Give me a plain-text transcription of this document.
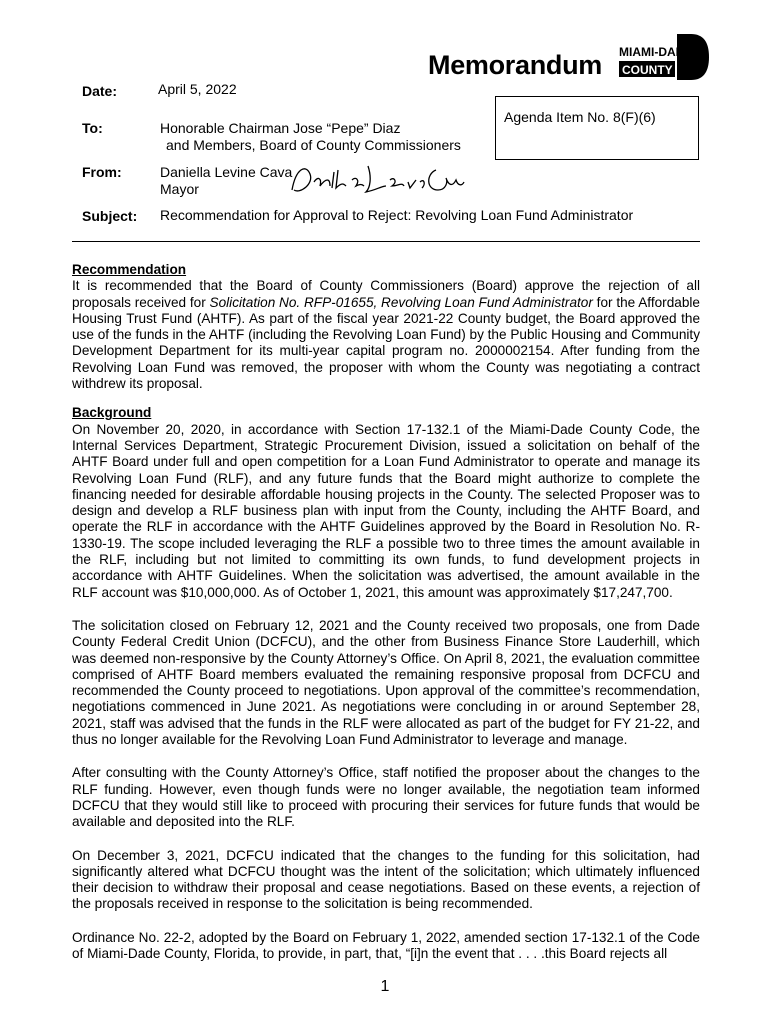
Memorandum MIAMI-DADE
COUNTY
Date:	April 5, 2022
To:	Honorable Chairman Jose “Pepe” Diaz
and Members, Board of County Commissioners
From:	Daniella Levine Cava
Mayor
Subject: Recommendation for Approval to Reject: Revolving Loan Fund Administrator
Agenda Item No. 8(F)(6)
Recommendation

It is recommended that the Board of County Commissioners (Board) approve the rejection of all proposals received for Solicitation No. RFP-01655, Revolving Loan Fund Administrator for the Affordable Housing Trust Fund (AHTF). As part of the fiscal year 2021-22 County budget, the Board approved the use of the funds in the AHTF (including the Revolving Loan Fund) by the Public Housing and Community Development Department for its multi-year capital program no. 2000002154. After funding from the Revolving Loan Fund was removed, the proposer with whom the County was negotiating a contract withdrew its proposal.

Background

On November 20, 2020, in accordance with Section 17-132.1 of the Miami-Dade County Code, the Internal Services Department, Strategic Procurement Division, issued a solicitation on behalf of the AHTF Board under full and open competition for a Loan Fund Administrator to operate and manage its Revolving Loan Fund (RLF), and any future funds that the Board might authorize to complete the financing needed for desirable affordable housing projects in the County. The selected Proposer was to design and develop a RLF business plan with input from the County, including the AHTF Board, and operate the RLF in accordance with the AHTF Guidelines approved by the Board in Resolution No. R-1330-19. The scope included leveraging the RLF a possible two to three times the amount available in the RLF, including but not limited to committing its own funds, to fund development projects in accordance with AHTF Guidelines. When the solicitation was advertised, the amount available in the RLF account was $10,000,000. As of October 1, 2021, this amount was approximately $17,247,700.

The solicitation closed on February 12, 2021 and the County received two proposals, one from Dade County Federal Credit Union (DCFCU), and the other from Business Finance Store Lauderhill, which was deemed non-responsive by the County Attorney’s Office. On April 8, 2021, the evaluation committee comprised of AHTF Board members evaluated the remaining responsive proposal from DCFCU and recommended the County proceed to negotiations. Upon approval of the committee’s recommendation, negotiations commenced in June 2021. As negotiations were concluding in or around September 28, 2021, staff was advised that the funds in the RLF were allocated as part of the budget for FY 21-22, and thus no longer available for the Revolving Loan Fund Administrator to leverage and manage.

After consulting with the County Attorney’s Office, staff notified the proposer about the changes to the RLF funding. However, even though funds were no longer available, the negotiation team informed DCFCU that they would still like to proceed with procuring their services for future funds that would be available and deposited into the RLF.

On December 3, 2021, DCFCU indicated that the changes to the funding for this solicitation, had significantly altered what DCFCU thought was the intent of the solicitation; which ultimately influenced their decision to withdraw their proposal and cease negotiations. Based on these events, a rejection of the proposals received in response to the solicitation is being recommended.

Ordinance No. 22-2, adopted by the Board on February 1, 2022, amended section 17-132.1 of the Code of Miami-Dade County, Florida, to provide, in part, that, “[i]n the event that . . . .this Board rejects all

1
